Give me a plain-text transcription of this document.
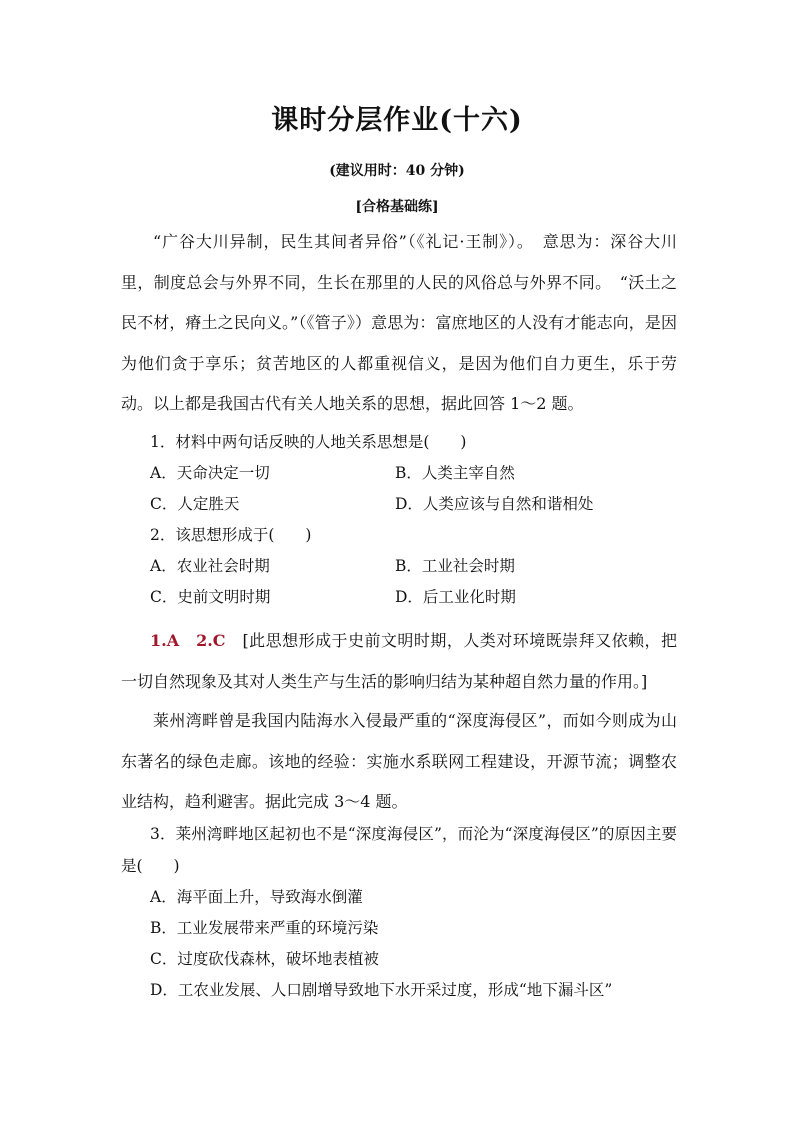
课时分层作业(十六)
(建议用时：40 分钟)
[合格基础练]
“广谷大川异制，民生其间者异俗”（《礼记·王制》）。　意思为：深谷大川里，制度总会与外界不同，生长在那里的人民的风俗总与外界不同。　“沃土之民不材，瘠土之民向义。”（《管子》）意思为：富庶地区的人没有才能志向，是因为他们贪于享乐；贫苦地区的人都重视信义，是因为他们自力更生，乐于劳动。以上都是我国古代有关人地关系的思想，据此回答 1～2 题。
1．材料中两句话反映的人地关系思想是(　　)
A．天命决定一切	B．人类主宰自然
C．人定胜天	D．人类应该与自然和谐相处
2．该思想形成于(　　)
A．农业社会时期	B．工业社会时期
C．史前文明时期	D．后工业化时期
1.A　2.C　[此思想形成于史前文明时期，人类对环境既崇拜又依赖，把一切自然现象及其对人类生产与生活的影响归结为某种超自然力量的作用。]
莱州湾畔曾是我国内陆海水入侵最严重的“深度海侵区”，而如今则成为山东著名的绿色走廊。该地的经验：实施水系联网工程建设，开源节流；调整农业结构，趋利避害。据此完成 3～4 题。
3．莱州湾畔地区起初也不是“深度海侵区”，而沦为“深度海侵区”的原因主要是(　　)
A．海平面上升，导致海水倒灌
B．工业发展带来严重的环境污染
C．过度砍伐森林，破坏地表植被
D．工农业发展、人口剧增导致地下水开采过度，形成“地下漏斗区”
